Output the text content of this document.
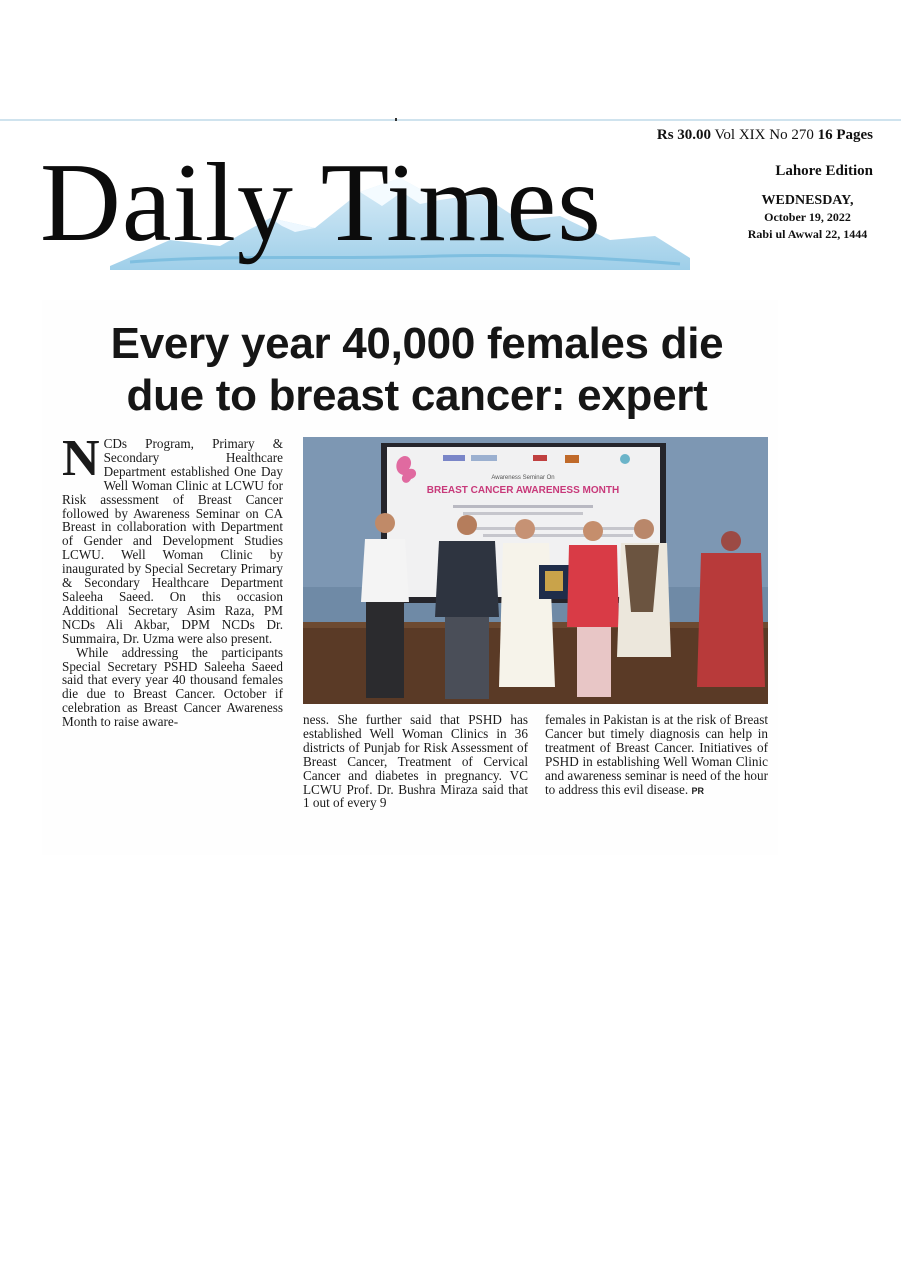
Rs 30.00 Vol XIX No 270 16 Pages
Daily Times	Lahore Edition
WEDNESDAY,
October 19, 2022
Rabi ul Awwal 22, 1444
Every year 40,000 females die
due to breast cancer: expert

N CDs Program, Primary & Secondary Healthcare Department established One Day Well Woman Clinic at LCWU for Risk assessment of Breast Cancer followed by Awareness Seminar on CA Breast in collaboration with Department of Gender and Development Studies LCWU. Well Woman Clinic by inaugurated by Special Secretary Primary & Secondary Healthcare Department Saleeha Saeed. On this occasion Additional Secretary Asim Raza, PM NCDs Ali Akbar, DPM NCDs Dr. Summaira, Dr. Uzma were also present.

While addressing the participants Special Secretary PSHD Saleeha Saeed said that every year 40 thousand females die due to Breast Cancer. October if celebration as Breast Cancer Awareness Month to raise aware-

Awareness Seminar On
BREAST CANCER AWARENESS MONTH

ness. She further said that PSHD has established Well Woman Clinics in 36 districts of Punjab for Risk Assessment of Breast Cancer, Treatment of Cervical Cancer and diabetes in pregnancy. VC LCWU Prof. Dr. Bushra Miraza said that 1 out of every 9

females in Pakistan is at the risk of Breast Cancer but timely diagnosis can help in treatment of Breast Cancer. Initiatives of PSHD in establishing Well Woman Clinic and awareness seminar is need of the hour to address this evil disease. PR
